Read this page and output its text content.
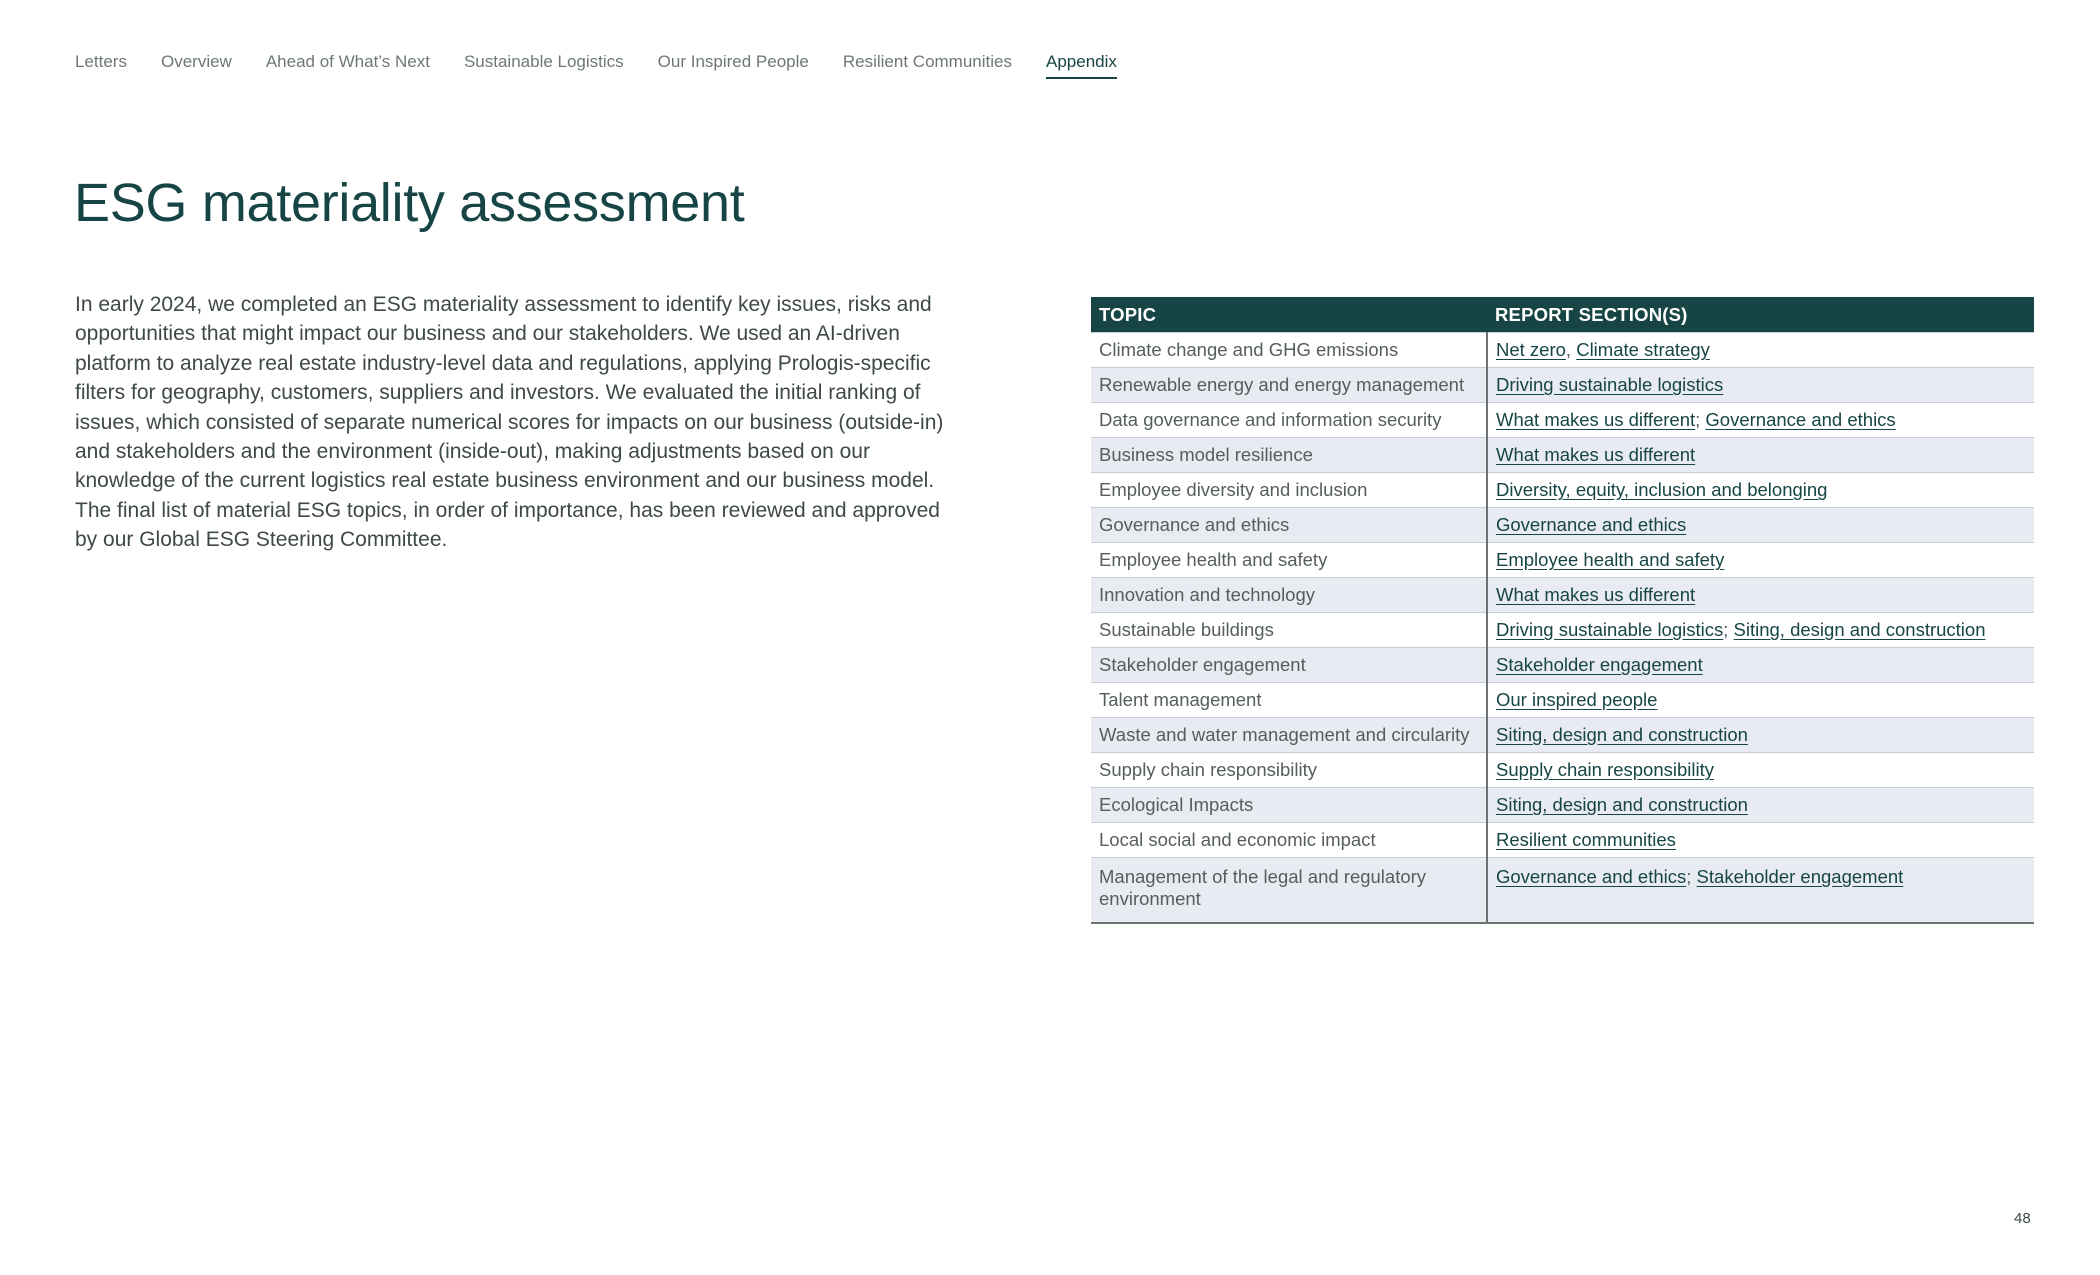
Letters Overview Ahead of What’s Next Sustainable Logistics Our Inspired People Resilient Communities Appendix
ESG materiality assessment

In early 2024, we completed an ESG materiality assessment to identify key issues, risks and opportunities that might impact our business and our stakeholders. We used an AI-driven platform to analyze real estate industry-level data and regulations, applying Prologis-specific filters for geography, customers, suppliers and investors. We evaluated the initial ranking of issues, which consisted of separate numerical scores for impacts on our business (outside-in) and stakeholders and the environment (inside-out), making adjustments based on our knowledge of the current logistics real estate business environment and our business model. The final list of material ESG topics, in order of importance, has been reviewed and approved by our Global ESG Steering Committee.

TOPIC	REPORT SECTION(S)
Climate change and GHG emissions	Net zero, Climate strategy
Renewable energy and energy management	Driving sustainable logistics
Data governance and information security	What makes us different; Governance and ethics
Business model resilience	What makes us different
Employee diversity and inclusion	Diversity, equity, inclusion and belonging
Governance and ethics	Governance and ethics
Employee health and safety	Employee health and safety
Innovation and technology	What makes us different
Sustainable buildings	Driving sustainable logistics; Siting, design and construction
Stakeholder engagement	Stakeholder engagement
Talent management	Our inspired people
Waste and water management and circularity	Siting, design and construction
Supply chain responsibility	Supply chain responsibility
Ecological Impacts	Siting, design and construction
Local social and economic impact	Resilient communities
Management of the legal and regulatory environment	Governance and ethics; Stakeholder engagement
48
